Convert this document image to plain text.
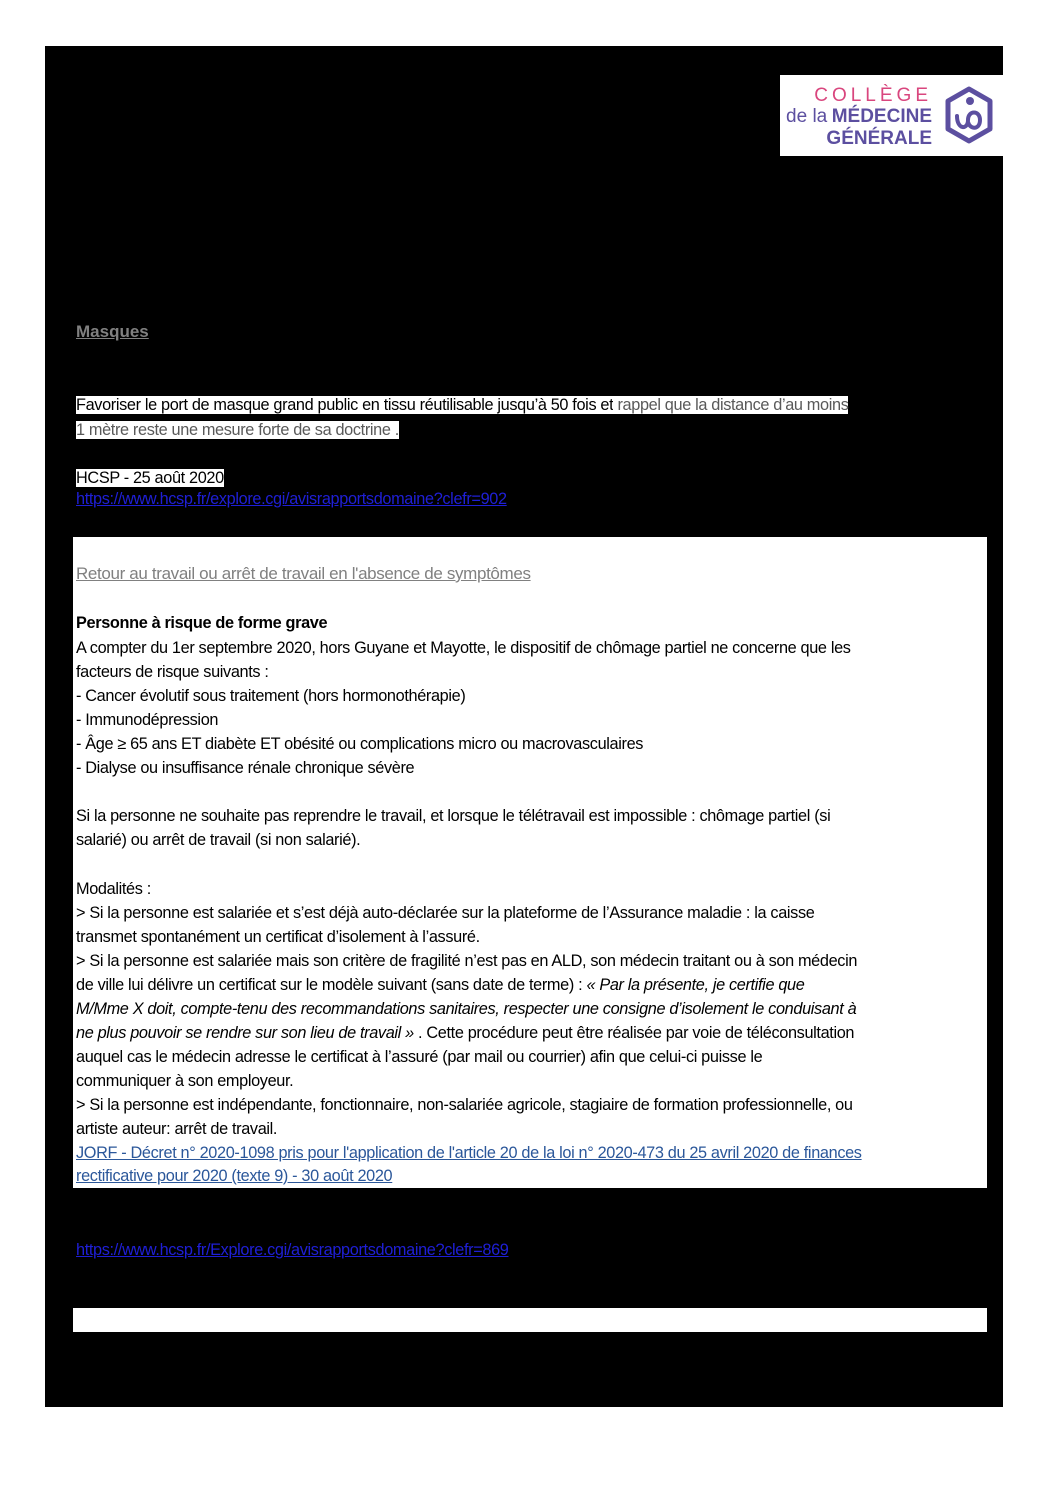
COLLÈGE
de la MÉDECINE
GÉNÉRALE
Masques
Favoriser le port de masque grand public en tissu réutilisable jusqu’à 50 fois et rappel que la distance d’au moins
1 mètre reste une mesure forte de sa doctrine .
HCSP - 25 août 2020
https://www.hcsp.fr/explore.cgi/avisrapportsdomaine?clefr=902
Retour au travail ou arrêt de travail en l'absence de symptômes
Personne à risque de forme grave
A compter du 1er septembre 2020, hors Guyane et Mayotte, le dispositif de chômage partiel ne concerne que les
facteurs de risque suivants :
- Cancer évolutif sous traitement (hors hormonothérapie)
- Immunodépression
- Âge ≥ 65 ans ET diabète ET obésité ou complications micro ou macrovasculaires
- Dialyse ou insuffisance rénale chronique sévère
Si la personne ne souhaite pas reprendre le travail, et lorsque le télétravail est impossible : chômage partiel (si
salarié) ou arrêt de travail (si non salarié).
Modalités :
> Si la personne est salariée et s’est déjà auto-déclarée sur la plateforme de l’Assurance maladie : la caisse
transmet spontanément un certificat d’isolement à l’assuré.
> Si la personne est salariée mais son critère de fragilité n’est pas en ALD, son médecin traitant ou à son médecin
de ville lui délivre un certificat sur le modèle suivant (sans date de terme) : « Par la présente, je certifie que
M/Mme X doit, compte-tenu des recommandations sanitaires, respecter une consigne d’isolement le conduisant à
ne plus pouvoir se rendre sur son lieu de travail » . Cette procédure peut être réalisée par voie de téléconsultation
auquel cas le médecin adresse le certificat à l’assuré (par mail ou courrier) afin que celui-ci puisse le
communiquer à son employeur.
> Si la personne est indépendante, fonctionnaire, non-salariée agricole, stagiaire de formation professionnelle, ou
artiste auteur: arrêt de travail.
JORF - Décret n° 2020-1098 pris pour l'application de l'article 20 de la loi n° 2020-473 du 25 avril 2020 de finances
rectificative pour 2020 (texte 9) - 30 août 2020
https://www.hcsp.fr/Explore.cgi/avisrapportsdomaine?clefr=869
